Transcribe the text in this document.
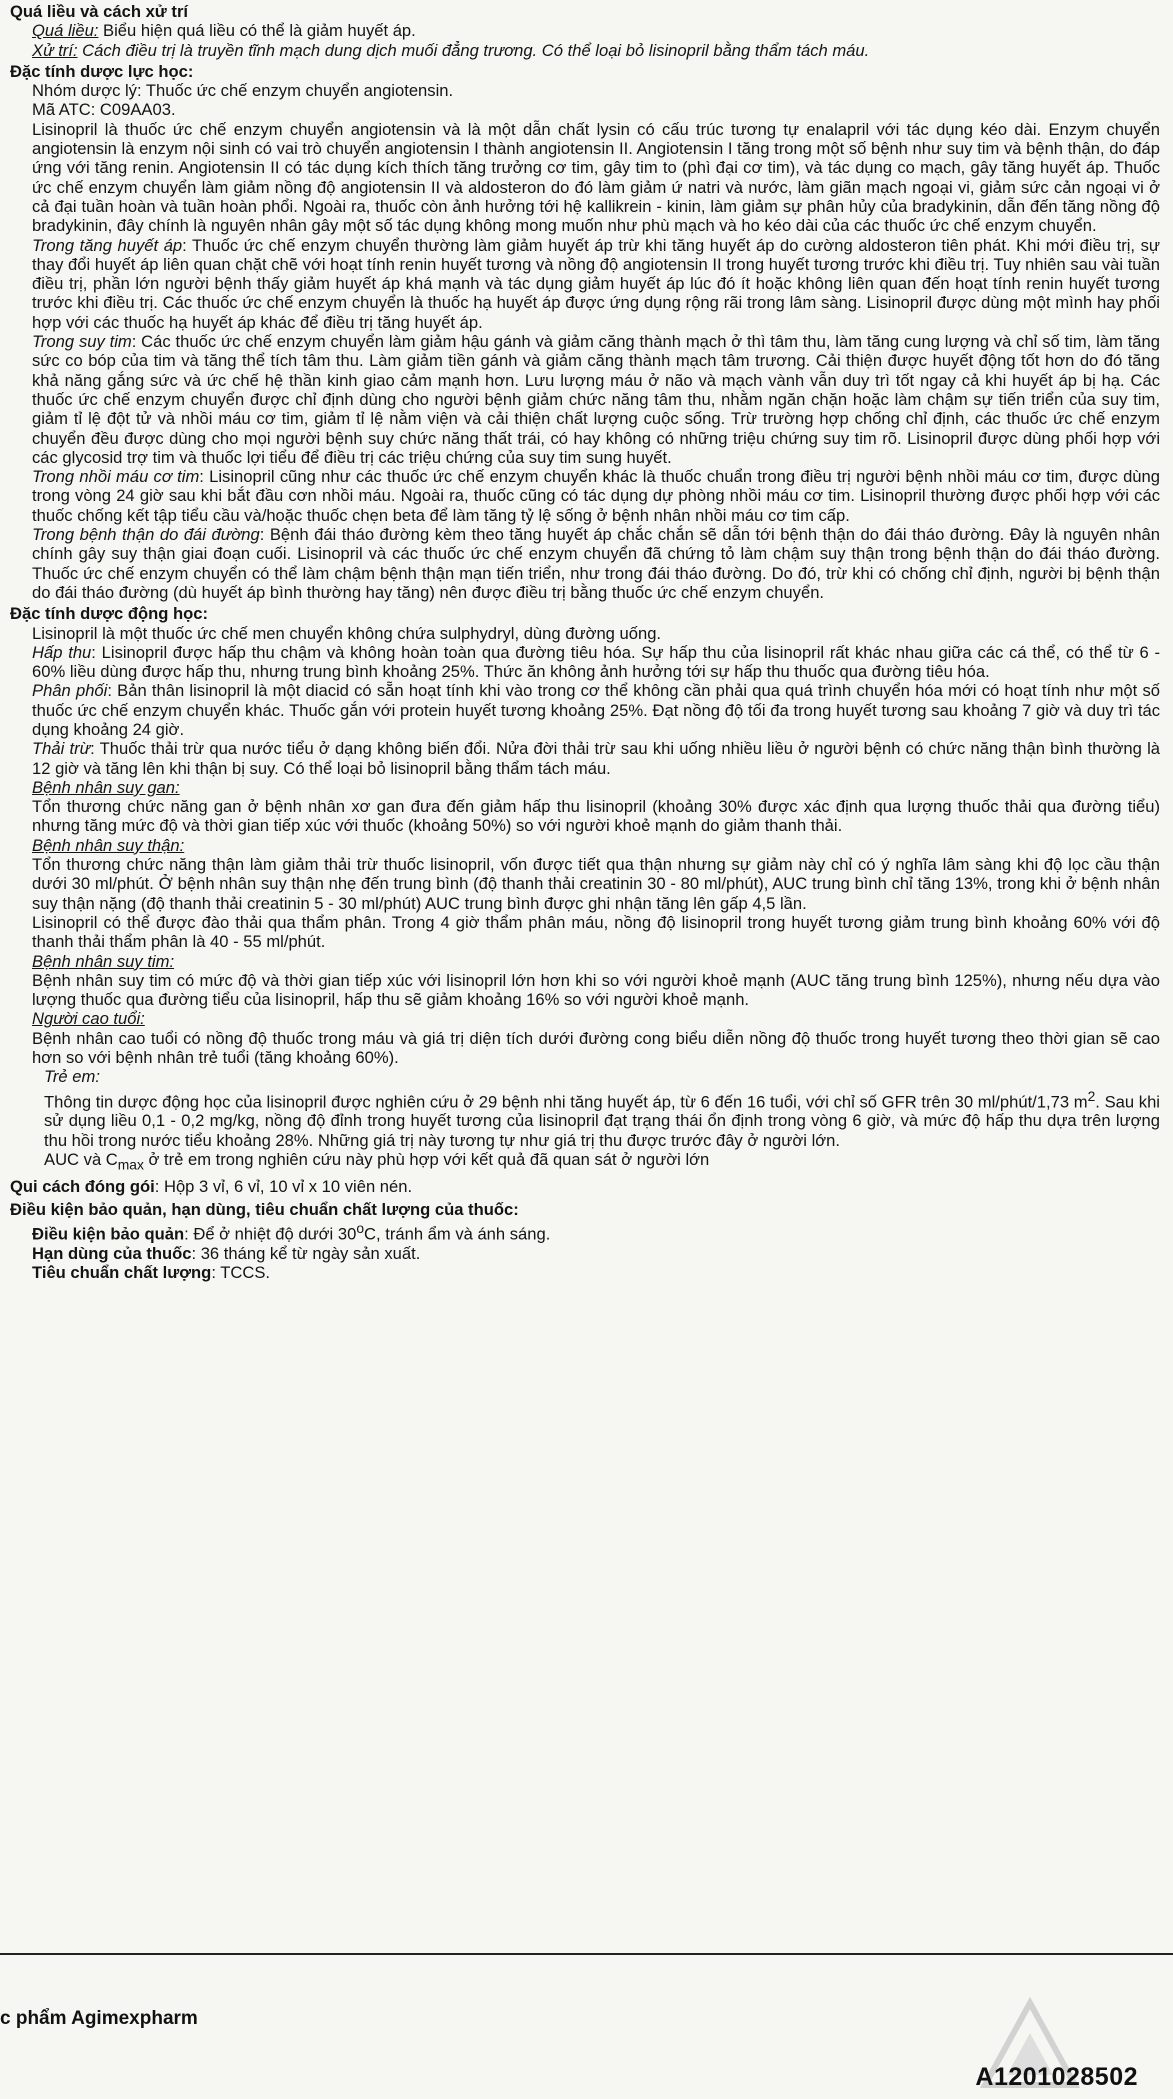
Quá liều và cách xử trí

Quá liều: Biểu hiện quá liều có thể là giảm huyết áp.

Xử trí: Cách điều trị là truyền tĩnh mạch dung dịch muối đẳng trương. Có thể loại bỏ lisinopril bằng thẩm tách máu.

Đặc tính dược lực học:

Nhóm dược lý: Thuốc ức chế enzym chuyển angiotensin.

Mã ATC: C09AA03.

Lisinopril là thuốc ức chế enzym chuyển angiotensin và là một dẫn chất lysin có cấu trúc tương tự enalapril với tác dụng kéo dài. Enzym chuyển angiotensin là enzym nội sinh có vai trò chuyển angiotensin I thành angiotensin II. Angiotensin I tăng trong một số bệnh như suy tim và bệnh thận, do đáp ứng với tăng renin. Angiotensin II có tác dụng kích thích tăng trưởng cơ tim, gây tim to (phì đại cơ tim), và tác dụng co mạch, gây tăng huyết áp. Thuốc ức chế enzym chuyển làm giảm nồng độ angiotensin II và aldosteron do đó làm giảm ứ natri và nước, làm giãn mạch ngoại vi, giảm sức cản ngoại vi ở cả đại tuần hoàn và tuần hoàn phổi. Ngoài ra, thuốc còn ảnh hưởng tới hệ kallikrein - kinin, làm giảm sự phân hủy của bradykinin, dẫn đến tăng nồng độ bradykinin, đây chính là nguyên nhân gây một số tác dụng không mong muốn như phù mạch và ho kéo dài của các thuốc ức chế enzym chuyển.

Trong tăng huyết áp: Thuốc ức chế enzym chuyển thường làm giảm huyết áp trừ khi tăng huyết áp do cường aldosteron tiên phát. Khi mới điều trị, sự thay đổi huyết áp liên quan chặt chẽ với hoạt tính renin huyết tương và nồng độ angiotensin II trong huyết tương trước khi điều trị. Tuy nhiên sau vài tuần điều trị, phần lớn người bệnh thấy giảm huyết áp khá mạnh và tác dụng giảm huyết áp lúc đó ít hoặc không liên quan đến hoạt tính renin huyết tương trước khi điều trị. Các thuốc ức chế enzym chuyển là thuốc hạ huyết áp được ứng dụng rộng rãi trong lâm sàng. Lisinopril được dùng một mình hay phối hợp với các thuốc hạ huyết áp khác để điều trị tăng huyết áp.

Trong suy tim: Các thuốc ức chế enzym chuyển làm giảm hậu gánh và giảm căng thành mạch ở thì tâm thu, làm tăng cung lượng và chỉ số tim, làm tăng sức co bóp của tim và tăng thể tích tâm thu. Làm giảm tiền gánh và giảm căng thành mạch tâm trương. Cải thiện được huyết động tốt hơn do đó tăng khả năng gắng sức và ức chế hệ thần kinh giao cảm mạnh hơn. Lưu lượng máu ở não và mạch vành vẫn duy trì tốt ngay cả khi huyết áp bị hạ. Các thuốc ức chế enzym chuyển được chỉ định dùng cho người bệnh giảm chức năng tâm thu, nhằm ngăn chặn hoặc làm chậm sự tiến triển của suy tim, giảm tỉ lệ đột tử và nhồi máu cơ tim, giảm tỉ lệ nằm viện và cải thiện chất lượng cuộc sống. Trừ trường hợp chống chỉ định, các thuốc ức chế enzym chuyển đều được dùng cho mọi người bệnh suy chức năng thất trái, có hay không có những triệu chứng suy tim rõ. Lisinopril được dùng phối hợp với các glycosid trợ tim và thuốc lợi tiểu để điều trị các triệu chứng của suy tim sung huyết.

Trong nhồi máu cơ tim: Lisinopril cũng như các thuốc ức chế enzym chuyển khác là thuốc chuẩn trong điều trị người bệnh nhồi máu cơ tim, được dùng trong vòng 24 giờ sau khi bắt đầu cơn nhồi máu. Ngoài ra, thuốc cũng có tác dụng dự phòng nhồi máu cơ tim. Lisinopril thường được phối hợp với các thuốc chống kết tập tiểu cầu và/hoặc thuốc chẹn beta để làm tăng tỷ lệ sống ở bệnh nhân nhồi máu cơ tim cấp.

Trong bệnh thận do đái đường: Bệnh đái tháo đường kèm theo tăng huyết áp chắc chắn sẽ dẫn tới bệnh thận do đái tháo đường. Đây là nguyên nhân chính gây suy thận giai đoạn cuối. Lisinopril và các thuốc ức chế enzym chuyển đã chứng tỏ làm chậm suy thận trong bệnh thận do đái tháo đường. Thuốc ức chế enzym chuyển có thể làm chậm bệnh thận mạn tiến triển, như trong đái tháo đường. Do đó, trừ khi có chống chỉ định, người bị bệnh thận do đái tháo đường (dù huyết áp bình thường hay tăng) nên được điều trị bằng thuốc ức chế enzym chuyển.

Đặc tính dược động học:

Lisinopril là một thuốc ức chế men chuyển không chứa sulphydryl, dùng đường uống.

Hấp thu: Lisinopril được hấp thu chậm và không hoàn toàn qua đường tiêu hóa. Sự hấp thu của lisinopril rất khác nhau giữa các cá thể, có thể từ 6 - 60% liều dùng được hấp thu, nhưng trung bình khoảng 25%. Thức ăn không ảnh hưởng tới sự hấp thu thuốc qua đường tiêu hóa.

Phân phối: Bản thân lisinopril là một diacid có sẵn hoạt tính khi vào trong cơ thể không cần phải qua quá trình chuyển hóa mới có hoạt tính như một số thuốc ức chế enzym chuyển khác. Thuốc gắn với protein huyết tương khoảng 25%. Đạt nồng độ tối đa trong huyết tương sau khoảng 7 giờ và duy trì tác dụng khoảng 24 giờ.

Thải trừ: Thuốc thải trừ qua nước tiểu ở dạng không biến đổi. Nửa đời thải trừ sau khi uống nhiều liều ở người bệnh có chức năng thận bình thường là 12 giờ và tăng lên khi thận bị suy. Có thể loại bỏ lisinopril bằng thẩm tách máu.

Bệnh nhân suy gan:

Tổn thương chức năng gan ở bệnh nhân xơ gan đưa đến giảm hấp thu lisinopril (khoảng 30% được xác định qua lượng thuốc thải qua đường tiểu) nhưng tăng mức độ và thời gian tiếp xúc với thuốc (khoảng 50%) so với người khoẻ mạnh do giảm thanh thải.

Bệnh nhân suy thận:

Tổn thương chức năng thận làm giảm thải trừ thuốc lisinopril, vốn được tiết qua thận nhưng sự giảm này chỉ có ý nghĩa lâm sàng khi độ lọc cầu thận dưới 30 ml/phút. Ở bệnh nhân suy thận nhẹ đến trung bình (độ thanh thải creatinin 30 - 80 ml/phút), AUC trung bình chỉ tăng 13%, trong khi ở bệnh nhân suy thận nặng (độ thanh thải creatinin 5 - 30 ml/phút) AUC trung bình được ghi nhận tăng lên gấp 4,5 lần.

Lisinopril có thể được đào thải qua thẩm phân. Trong 4 giờ thẩm phân máu, nồng độ lisinopril trong huyết tương giảm trung bình khoảng 60% với độ thanh thải thẩm phân là 40 - 55 ml/phút.

Bệnh nhân suy tim:

Bệnh nhân suy tim có mức độ và thời gian tiếp xúc với lisinopril lớn hơn khi so với người khoẻ mạnh (AUC tăng trung bình 125%), nhưng nếu dựa vào lượng thuốc qua đường tiểu của lisinopril, hấp thu sẽ giảm khoảng 16% so với người khoẻ mạnh.

Người cao tuổi:

Bệnh nhân cao tuổi có nồng độ thuốc trong máu và giá trị diện tích dưới đường cong biểu diễn nồng độ thuốc trong huyết tương theo thời gian sẽ cao hơn so với bệnh nhân trẻ tuổi (tăng khoảng 60%).

Trẻ em:

Thông tin dược động học của lisinopril được nghiên cứu ở 29 bệnh nhi tăng huyết áp, từ 6 đến 16 tuổi, với chỉ số GFR trên 30 ml/phút/1,73 $m^2$. Sau khi sử dụng liều 0,1 - 0,2 mg/kg, nồng độ đỉnh trong huyết tương của lisinopril đạt trạng thái ổn định trong vòng 6 giờ, và mức độ hấp thu dựa trên lượng thu hồi trong nước tiểu khoảng 28%. Những giá trị này tương tự như giá trị thu được trước đây ở người lớn.

AUC và $C_{max}$ ở trẻ em trong nghiên cứu này phù hợp với kết quả đã quan sát ở người lớn

Qui cách đóng gói: Hộp 3 vỉ, 6 vỉ, 10 vỉ x 10 viên nén.

Điều kiện bảo quản, hạn dùng, tiêu chuẩn chất lượng của thuốc:

Điều kiện bảo quản: Để ở nhiệt độ dưới 30$^o$C, tránh ẩm và ánh sáng.

Hạn dùng của thuốc: 36 tháng kể từ ngày sản xuất.

Tiêu chuẩn chất lượng: TCCS.

c phẩm Agimexpharm
A1201028502
